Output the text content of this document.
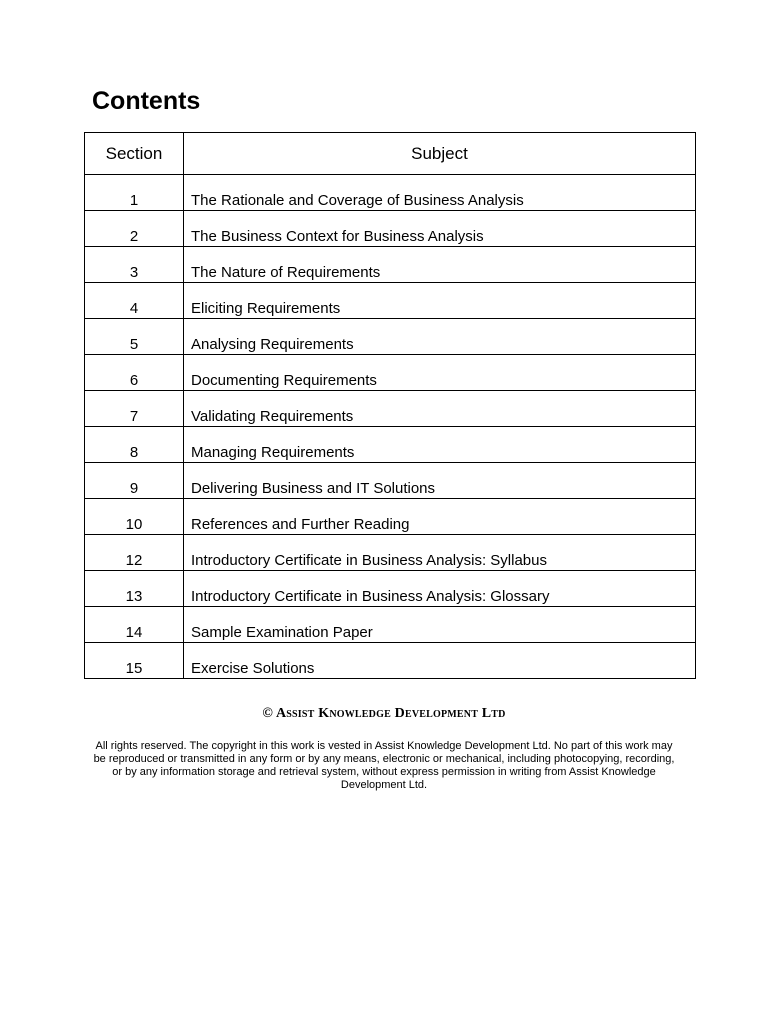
Contents
Section	Subject
1	The Rationale and Coverage of Business Analysis
2	The Business Context for Business Analysis
3	The Nature of Requirements
4	Eliciting Requirements
5	Analysing Requirements
6	Documenting Requirements
7	Validating Requirements
8	Managing Requirements
9	Delivering Business and IT Solutions
10	References and Further Reading
12	Introductory Certificate in Business Analysis: Syllabus
13	Introductory Certificate in Business Analysis: Glossary
14	Sample Examination Paper
15	Exercise Solutions
© Assist Knowledge Development Ltd
All rights reserved. The copyright in this work is vested in Assist Knowledge Development Ltd. No part of this work may be reproduced or transmitted in any form or by any means, electronic or mechanical, including photocopying, recording, or by any information storage and retrieval system, without express permission in writing from Assist Knowledge Development Ltd.
